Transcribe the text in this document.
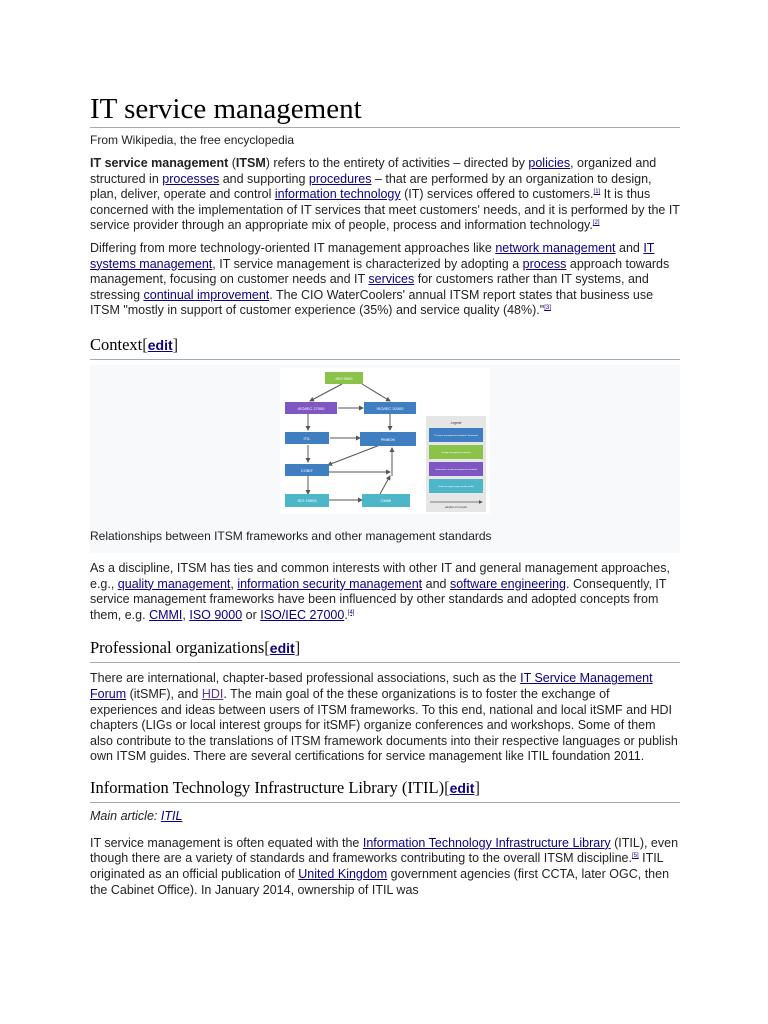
IT service management
From Wikipedia, the free encyclopedia

IT service management (ITSM) refers to the entirety of activities – directed by policies, organized and structured in processes and supporting procedures – that are performed by an organization to design, plan, deliver, operate and control information technology (IT) services offered to customers.[1] It is thus concerned with the implementation of IT services that meet customers' needs, and it is performed by the IT service provider through an appropriate mix of people, process and information technology.[2]

Differing from more technology-oriented IT management approaches like network management and IT systems management, IT service management is characterized by adopting a process approach towards management, focusing on customer needs and IT services for customers rather than IT systems, and stressing continual improvement. The CIO WaterCoolers' annual ITSM report states that business use ITSM "mostly in support of customer experience (35%) and service quality (48%)."[3]

Context[edit]
ISO 9000
ISO/IEC 27000	ISO/IEC 20000
ITIL	PMBOK
COBIT
ISO 15504	CMMI
Legend
IT service management standard / framework
Quality management standard
Information security management standard
Software engineering maturity model
adoption of concepts
Relationships between ITSM frameworks and other management standards

As a discipline, ITSM has ties and common interests with other IT and general management approaches, e.g., quality management, information security management and software engineering. Consequently, IT service management frameworks have been influenced by other standards and adopted concepts from them, e.g. CMMI, ISO 9000 or ISO/IEC 27000.[4]

Professional organizations[edit]

There are international, chapter-based professional associations, such as the IT Service Management Forum (itSMF), and HDI. The main goal of the these organizations is to foster the exchange of experiences and ideas between users of ITSM frameworks. To this end, national and local itSMF and HDI chapters (LIGs or local interest groups for itSMF) organize conferences and workshops. Some of them also contribute to the translations of ITSM framework documents into their respective languages or publish own ITSM guides. There are several certifications for service management like ITIL foundation 2011.

Information Technology Infrastructure Library (ITIL)[edit]
Main article: ITIL

IT service management is often equated with the Information Technology Infrastructure Library (ITIL), even though there are a variety of standards and frameworks contributing to the overall ITSM discipline.[5] ITIL originated as an official publication of United Kingdom government agencies (first CCTA, later OGC, then the Cabinet Office). In January 2014, ownership of ITIL was
